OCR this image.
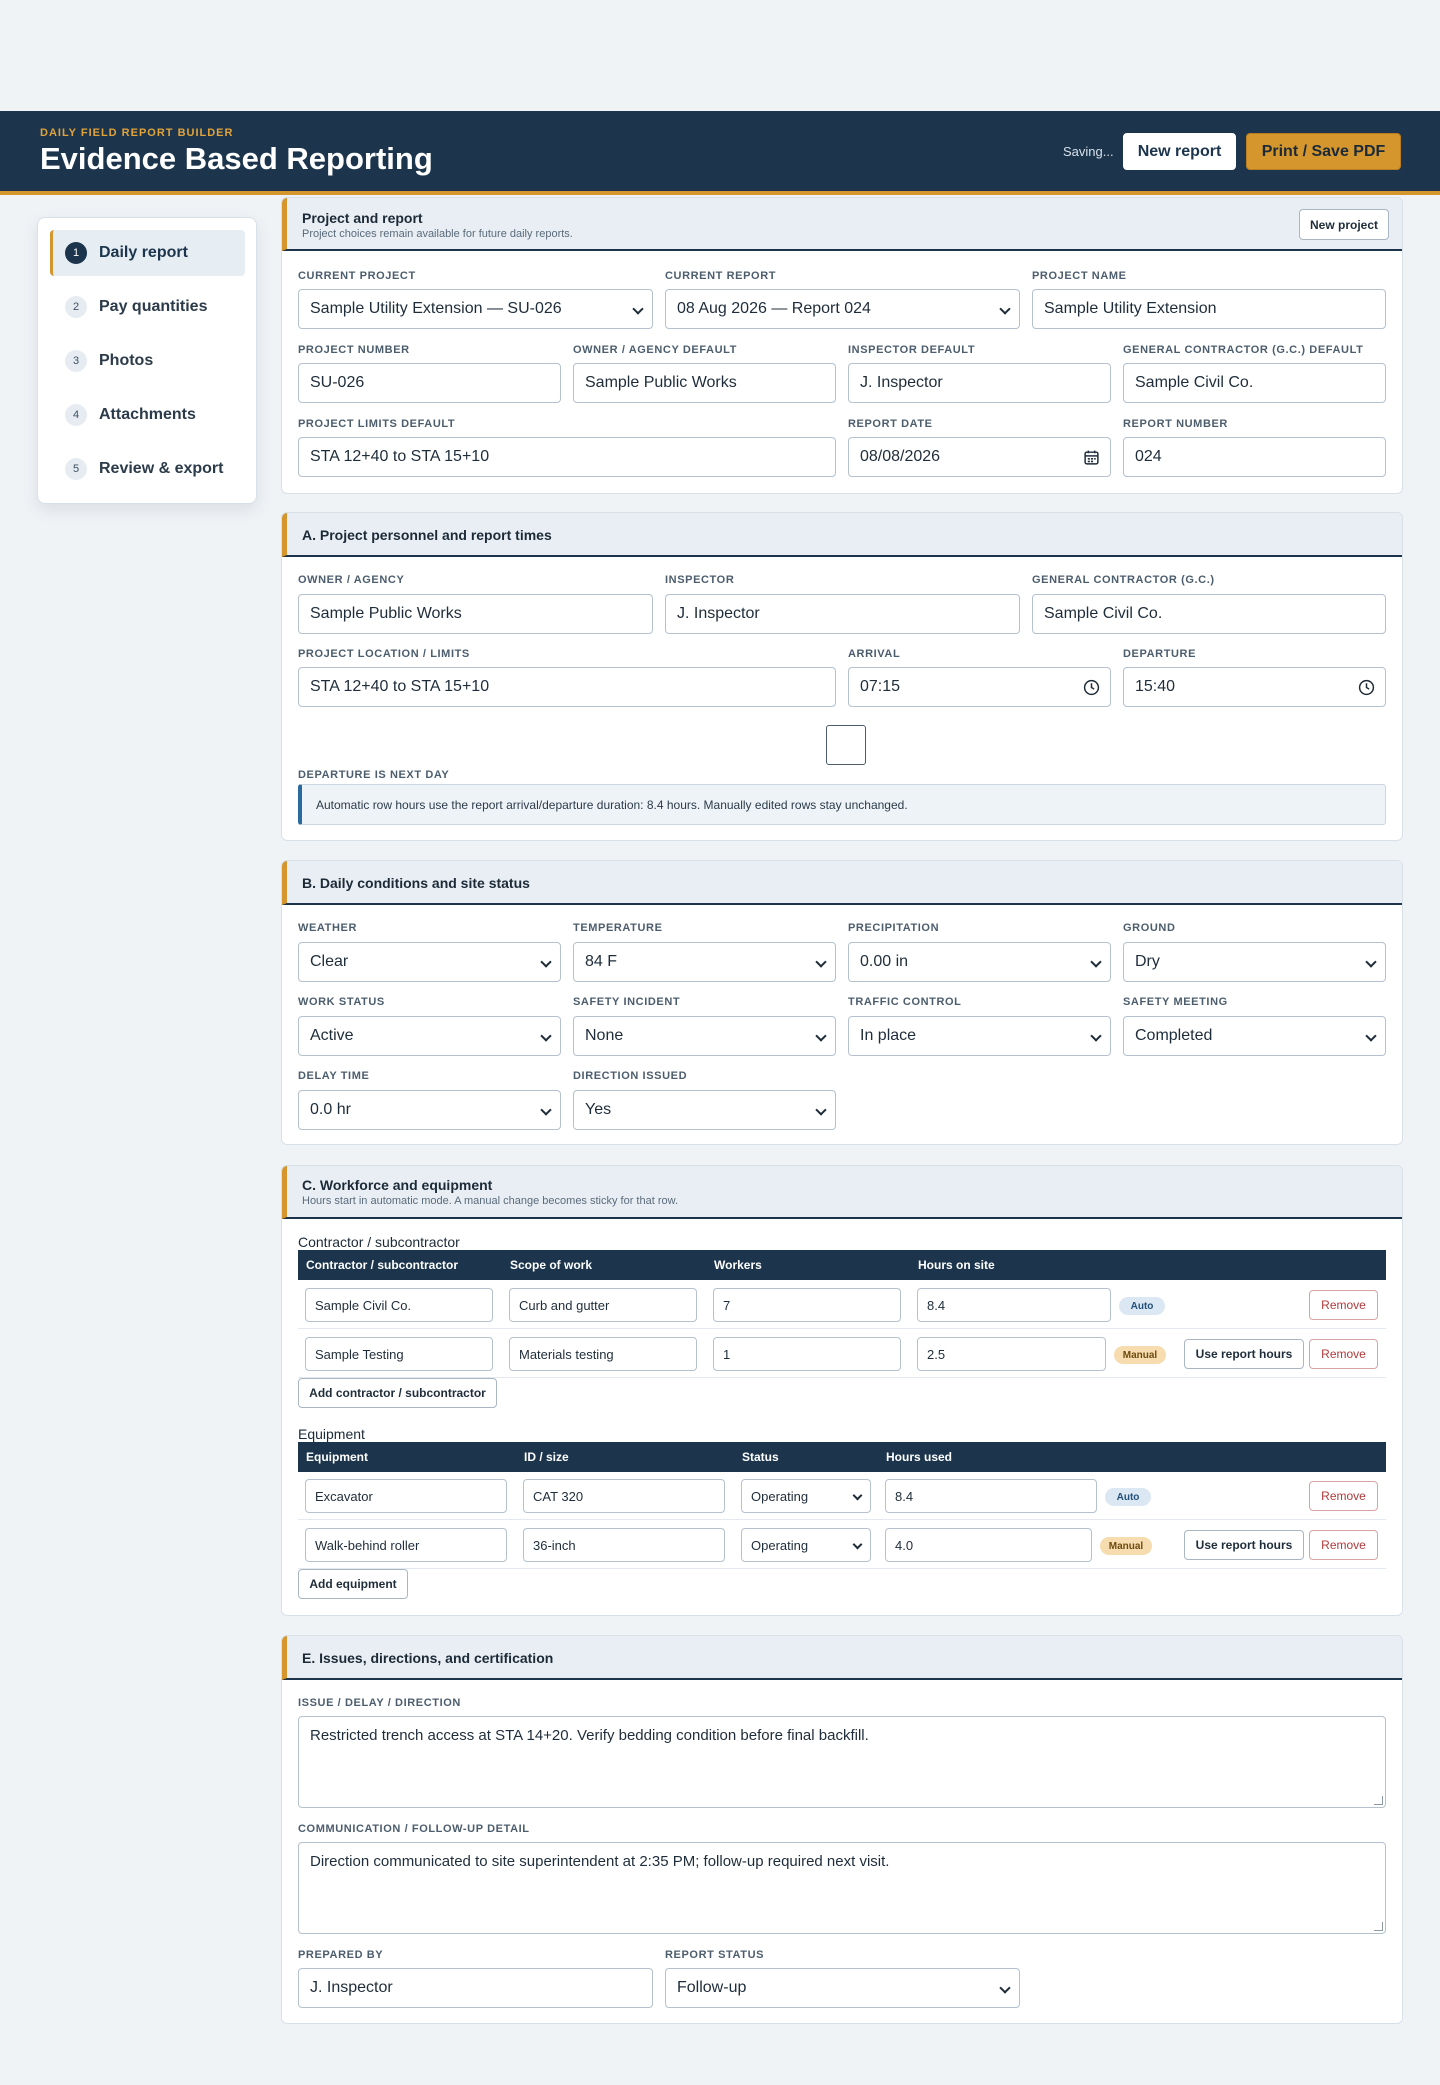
DAILY FIELD REPORT BUILDER
Evidence Based Reporting	Saving...	New report	Print / Save PDF
1	Daily report
2	Pay quantities
3	Photos
4	Attachments
5	Review & export
Project and report
Project choices remain available for future daily reports.
New project
CURRENT PROJECT
Sample Utility Extension — SU-026
CURRENT REPORT
08 Aug 2026 — Report 024
PROJECT NAME
Sample Utility Extension
PROJECT NUMBER
SU-026
OWNER / AGENCY DEFAULT
Sample Public Works
INSPECTOR DEFAULT
J. Inspector
GENERAL CONTRACTOR (G.C.) DEFAULT
Sample Civil Co.
PROJECT LIMITS DEFAULT
STA 12+40 to STA 15+10
REPORT DATE
08/08/2026
REPORT NUMBER
024
A. Project personnel and report times
OWNER / AGENCY
Sample Public Works
INSPECTOR
J. Inspector
GENERAL CONTRACTOR (G.C.)
Sample Civil Co.
PROJECT LOCATION / LIMITS
STA 12+40 to STA 15+10
ARRIVAL
07:15
DEPARTURE
15:40
DEPARTURE IS NEXT DAY
Automatic row hours use the report arrival/departure duration: 8.4 hours. Manually edited rows stay unchanged.
B. Daily conditions and site status
WEATHER
Clear
TEMPERATURE
84 F
PRECIPITATION
0.00 in
GROUND
Dry
WORK STATUS
Active
SAFETY INCIDENT
None
TRAFFIC CONTROL
In place
SAFETY MEETING
Completed
DELAY TIME
0.0 hr
DIRECTION ISSUED
Yes
C. Workforce and equipment
Hours start in automatic mode. A manual change becomes sticky for that row.
Contractor / subcontractor
Contractor / subcontractor	Scope of work	Workers	Hours on site
Sample Civil Co.	Curb and gutter	7	8.4	Auto	Remove
Sample Testing	Materials testing	1	2.5	Manual	Use report hours	Remove
Add contractor / subcontractor
Equipment
Equipment	ID / size	Status	Hours used
Excavator	CAT 320	Operating	8.4	Auto	Remove
Walk-behind roller	36-inch	Operating	4.0	Manual	Use report hours	Remove
Add equipment
E. Issues, directions, and certification
ISSUE / DELAY / DIRECTION
Restricted trench access at STA 14+20. Verify bedding condition before final backfill.
COMMUNICATION / FOLLOW-UP DETAIL
Direction communicated to site superintendent at 2:35 PM; follow-up required next visit.
PREPARED BY
J. Inspector
REPORT STATUS
Follow-up
